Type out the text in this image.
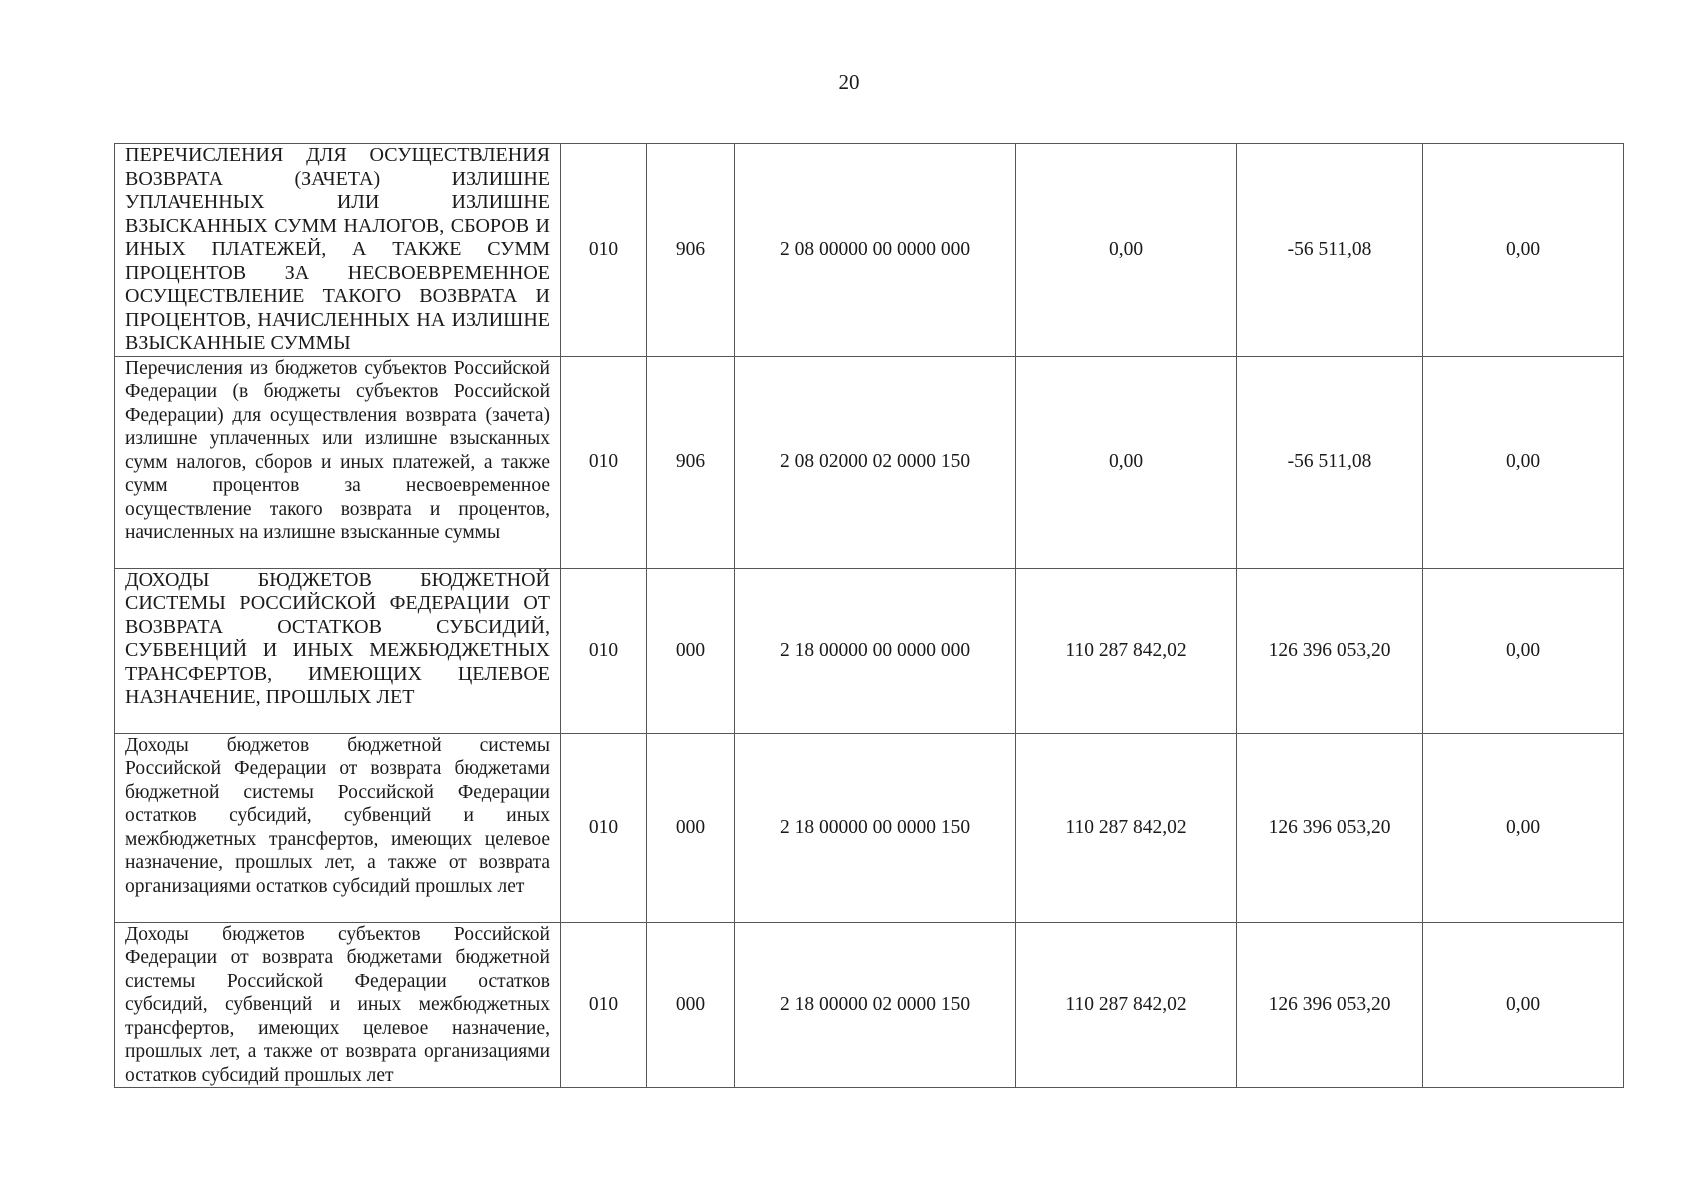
20
ПЕРЕЧИСЛЕНИЯ ДЛЯ ОСУЩЕСТВЛЕНИЯ ВОЗВРАТА (ЗАЧЕТА) ИЗЛИШНЕ УПЛАЧЕННЫХ ИЛИ ИЗЛИШНЕ ВЗЫСКАННЫХ СУММ НАЛОГОВ, СБОРОВ И ИНЫХ ПЛАТЕЖЕЙ, А ТАКЖЕ СУММ ПРОЦЕНТОВ ЗА НЕСВОЕВРЕМЕННОЕ ОСУЩЕСТВЛЕНИЕ ТАКОГО ВОЗВРАТА И ПРОЦЕНТОВ, НАЧИСЛЕННЫХ НА ИЗЛИШНЕ ВЗЫСКАННЫЕ СУММЫ	010	906	2 08 00000 00 0000 000	0,00	-56 511,08	0,00
Перечисления из бюджетов субъектов Российской Федерации (в бюджеты субъектов Российской Федерации) для осуществления возврата (зачета) излишне уплаченных или излишне взысканных сумм налогов, сборов и иных платежей, а также сумм процентов за несвоевременное осуществление такого возврата и процентов, начисленных на излишне взысканные суммы	010	906	2 08 02000 02 0000 150	0,00	-56 511,08	0,00
ДОХОДЫ БЮДЖЕТОВ БЮДЖЕТНОЙ СИСТЕМЫ РОССИЙСКОЙ ФЕДЕРАЦИИ ОТ ВОЗВРАТА ОСТАТКОВ СУБСИДИЙ, СУБВЕНЦИЙ И ИНЫХ МЕЖБЮДЖЕТНЫХ ТРАНСФЕРТОВ, ИМЕЮЩИХ ЦЕЛЕВОЕ НАЗНАЧЕНИЕ, ПРОШЛЫХ ЛЕТ	010	000	2 18 00000 00 0000 000	110 287 842,02	126 396 053,20	0,00
Доходы бюджетов бюджетной системы Российской Федерации от возврата бюджетами бюджетной системы Российской Федерации остатков субсидий, субвенций и иных межбюджетных трансфертов, имеющих целевое назначение, прошлых лет, а также от возврата организациями остатков субсидий прошлых лет	010	000	2 18 00000 00 0000 150	110 287 842,02	126 396 053,20	0,00
Доходы бюджетов субъектов Российской Федерации от возврата бюджетами бюджетной системы Российской Федерации остатков субсидий, субвенций и иных межбюджетных трансфертов, имеющих целевое назначение, прошлых лет, а также от возврата организациями остатков субсидий прошлых лет	010	000	2 18 00000 02 0000 150	110 287 842,02	126 396 053,20	0,00
